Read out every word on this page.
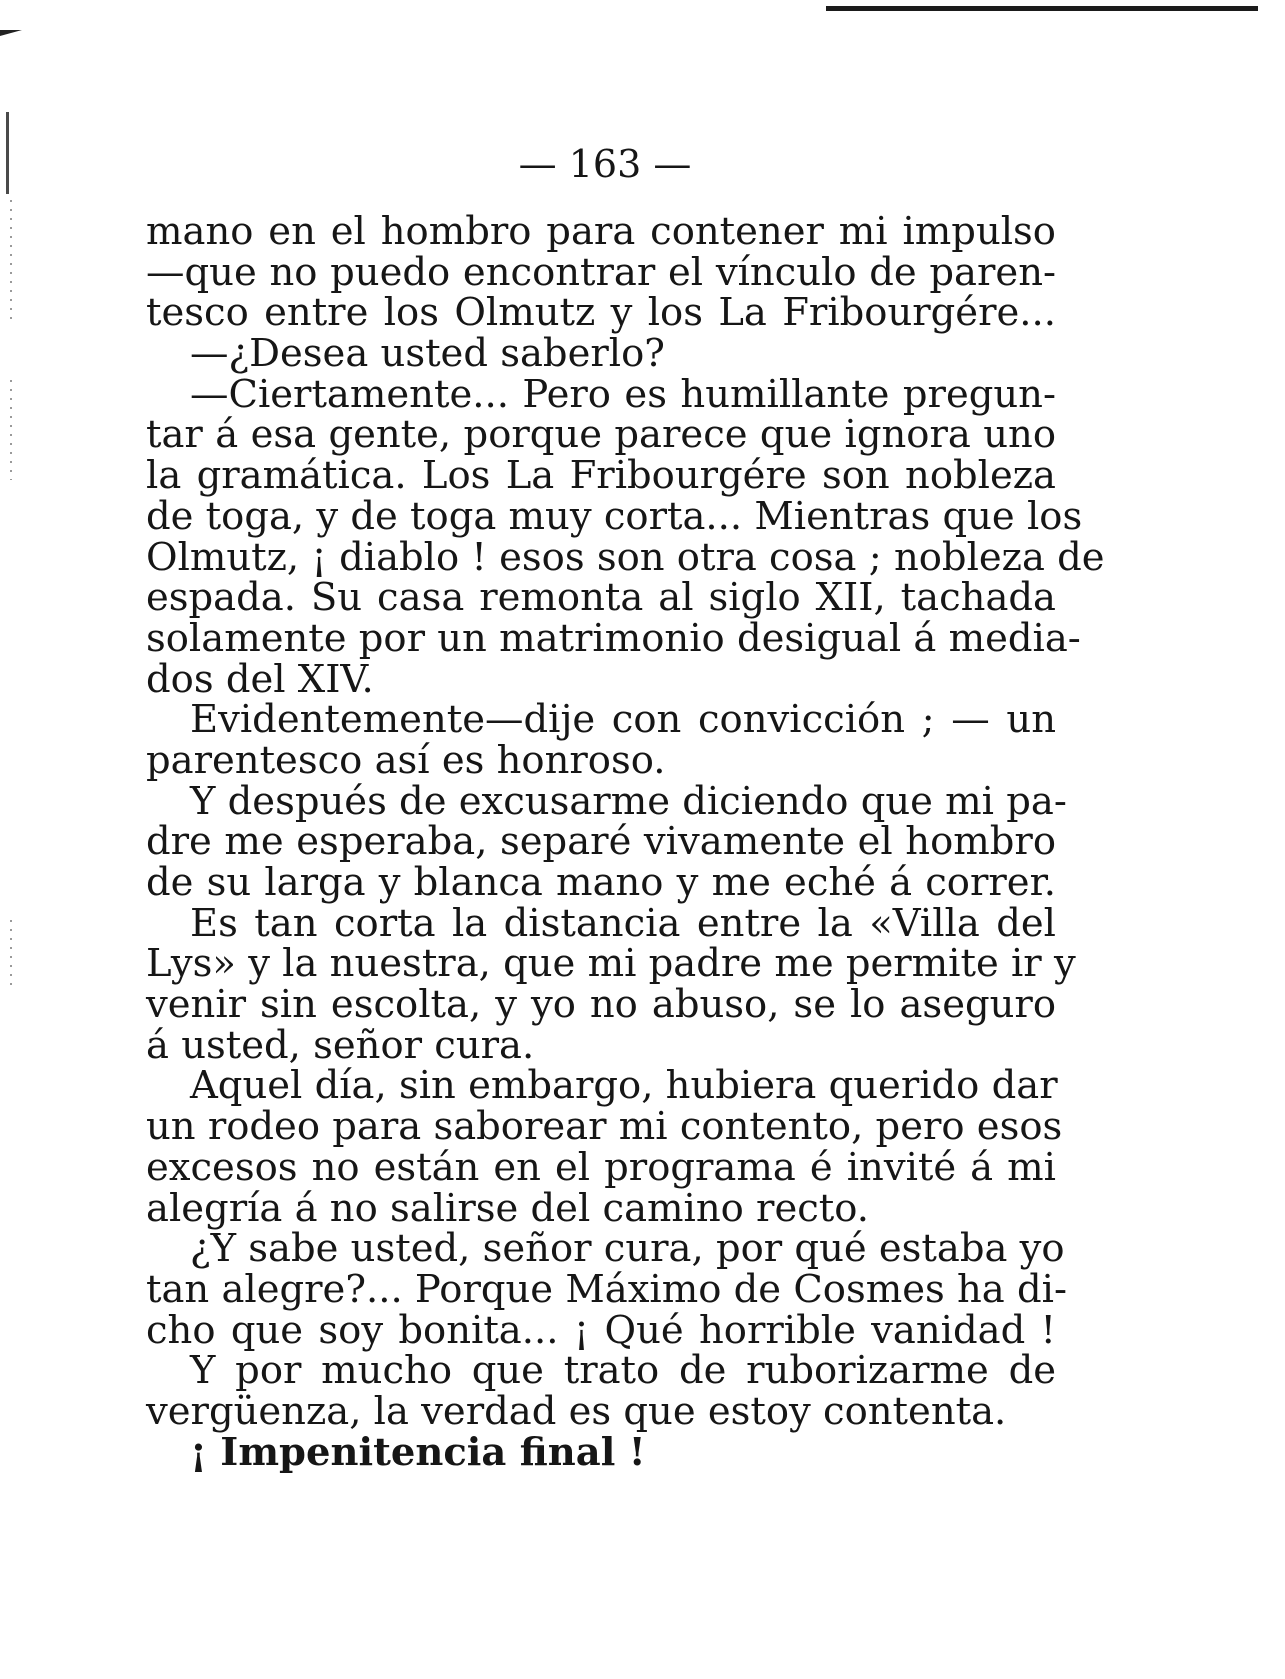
— 163 —
mano en el hombro para contener mi impulso
—que no puedo encontrar el vínculo de paren-
tesco entre los Olmutz y los La Fribourgére...
—¿Desea usted saberlo?
—Ciertamente... Pero es humillante pregun-
tar á esa gente, porque parece que ignora uno
la gramática. Los La Fribourgére son nobleza
de toga, y de toga muy corta... Mientras que los
Olmutz, ¡ diablo ! esos son otra cosa ; nobleza de
espada. Su casa remonta al siglo XII, tachada
solamente por un matrimonio desigual á media-
dos del XIV.
Evidentemente—dije con convicción ; — un
parentesco así es honroso.
Y después de excusarme diciendo que mi pa-
dre me esperaba, separé vivamente el hombro
de su larga y blanca mano y me eché á correr.
Es tan corta la distancia entre la «Villa del
Lys» y la nuestra, que mi padre me permite ir y
venir sin escolta, y yo no abuso, se lo aseguro
á usted, señor cura.
Aquel día, sin embargo, hubiera querido dar
un rodeo para saborear mi contento, pero esos
excesos no están en el programa é invité á mi
alegría á no salirse del camino recto.
¿Y sabe usted, señor cura, por qué estaba yo
tan alegre?... Porque Máximo de Cosmes ha di-
cho que soy bonita... ¡ Qué horrible vanidad !
Y por mucho que trato de ruborizarme de
vergüenza, la verdad es que estoy contenta.
¡ Impenitencia final !
